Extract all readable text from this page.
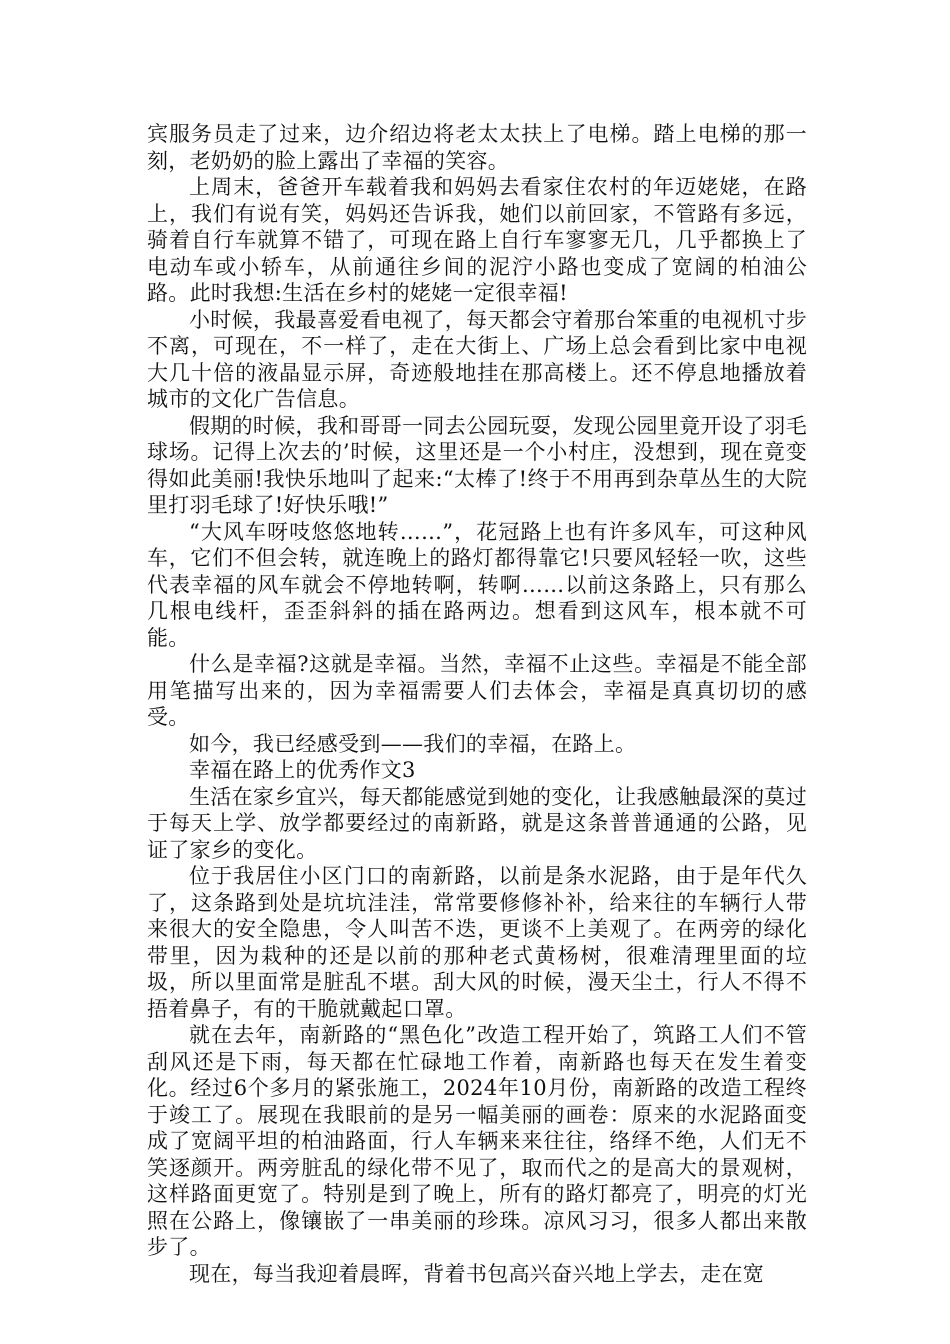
宾服务员走了过来，边介绍边将老太太扶上了电梯。踏上电梯的那一刻，老奶奶的脸上露出了幸福的笑容。

上周末，爸爸开车载着我和妈妈去看家住农村的年迈姥姥，在路上，我们有说有笑，妈妈还告诉我，她们以前回家，不管路有多远，骑着自行车就算不错了，可现在路上自行车寥寥无几，几乎都换上了电动车或小轿车，从前通往乡间的泥泞小路也变成了宽阔的柏油公路。此时我想:生活在乡村的姥姥一定很幸福!

小时候，我最喜爱看电视了，每天都会守着那台笨重的电视机寸步不离，可现在，不一样了，走在大街上、广场上总会看到比家中电视大几十倍的液晶显示屏，奇迹般地挂在那高楼上。还不停息地播放着城市的文化广告信息。

假期的时候，我和哥哥一同去公园玩耍，发现公园里竟开设了羽毛球场。记得上次去的’时候，这里还是一个小村庄，没想到，现在竟变得如此美丽!我快乐地叫了起来:“太棒了!终于不用再到杂草丛生的大院里打羽毛球了!好快乐哦!”

“大风车呀吱悠悠地转……”，花冠路上也有许多风车，可这种风车，它们不但会转，就连晚上的路灯都得靠它!只要风轻轻一吹，这些代表幸福的风车就会不停地转啊，转啊……以前这条路上，只有那么几根电线杆，歪歪斜斜的插在路两边。想看到这风车，根本就不可能。

什么是幸福?这就是幸福。当然，幸福不止这些。幸福是不能全部用笔描写出来的，因为幸福需要人们去体会，幸福是真真切切的感受。

如今，我已经感受到——我们的幸福，在路上。

幸福在路上的优秀作文3

生活在家乡宜兴，每天都能感觉到她的变化，让我感触最深的莫过于每天上学、放学都要经过的南新路，就是这条普普通通的公路，见证了家乡的变化。

位于我居住小区门口的南新路，以前是条水泥路，由于是年代久了，这条路到处是坑坑洼洼，常常要修修补补，给来往的车辆行人带来很大的安全隐患，令人叫苦不迭，更谈不上美观了。在两旁的绿化带里，因为栽种的还是以前的那种老式黄杨树，很难清理里面的垃圾，所以里面常是脏乱不堪。刮大风的时候，漫天尘土，行人不得不捂着鼻子，有的干脆就戴起口罩。

就在去年，南新路的“黑色化”改造工程开始了，筑路工人们不管刮风还是下雨，每天都在忙碌地工作着，南新路也每天在发生着变化。经过6个多月的紧张施工，2024年10月份，南新路的改造工程终于竣工了。展现在我眼前的是另一幅美丽的画卷：原来的水泥路面变成了宽阔平坦的柏油路面，行人车辆来来往往，络绎不绝，人们无不笑逐颜开。两旁脏乱的绿化带不见了，取而代之的是高大的景观树，这样路面更宽了。特别是到了晚上，所有的路灯都亮了，明亮的灯光照在公路上，像镶嵌了一串美丽的珍珠。凉风习习，很多人都出来散步了。

现在，每当我迎着晨晖，背着书包高兴奋兴地上学去，走在宽
